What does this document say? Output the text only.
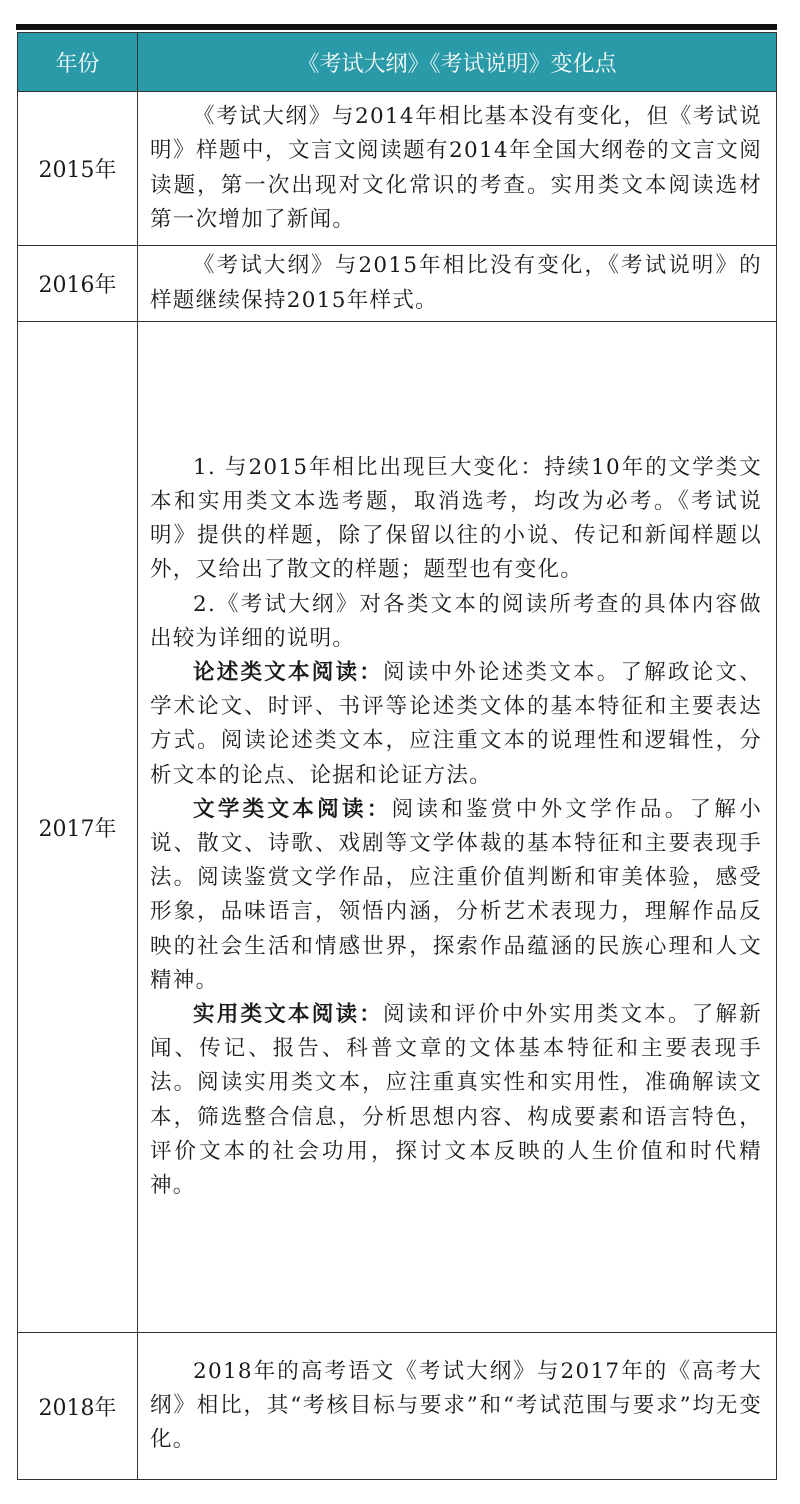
年份	《考试大纲》《考试说明》变化点
2015年	《考试大纲》与2014年相比基本没有变化，但《考试说明》样题中，文言文阅读题有2014年全国大纲卷的文言文阅读题，第一次出现对文化常识的考查。实用类文本阅读选材第一次增加了新闻。

2016年	《考试大纲》与2015年相比没有变化，《考试说明》的样题继续保持2015年样式。

2017年	1. 与2015年相比出现巨大变化：持续10年的文学类文本和实用类文本选考题，取消选考，均改为必考。《考试说明》提供的样题，除了保留以往的小说、传记和新闻样题以外，又给出了散文的样题；题型也有变化。

2.《考试大纲》对各类文本的阅读所考查的具体内容做出较为详细的说明。

论述类文本阅读：阅读中外论述类文本。了解政论文、学术论文、时评、书评等论述类文体的基本特征和主要表达方式。阅读论述类文本，应注重文本的说理性和逻辑性，分析文本的论点、论据和论证方法。

文学类文本阅读：阅读和鉴赏中外文学作品。了解小说、散文、诗歌、戏剧等文学体裁的基本特征和主要表现手法。阅读鉴赏文学作品，应注重价值判断和审美体验，感受形象，品味语言，领悟内涵，分析艺术表现力，理解作品反映的社会生活和情感世界，探索作品蕴涵的民族心理和人文精神。

实用类文本阅读：阅读和评价中外实用类文本。了解新闻、传记、报告、科普文章的文体基本特征和主要表现手法。阅读实用类文本，应注重真实性和实用性，准确解读文本，筛选整合信息，分析思想内容、构成要素和语言特色，评价文本的社会功用，探讨文本反映的人生价值和时代精神。

2018年	2018年的高考语文《考试大纲》与2017年的《高考大纲》相比，其“考核目标与要求”和“考试范围与要求”均无变化。
